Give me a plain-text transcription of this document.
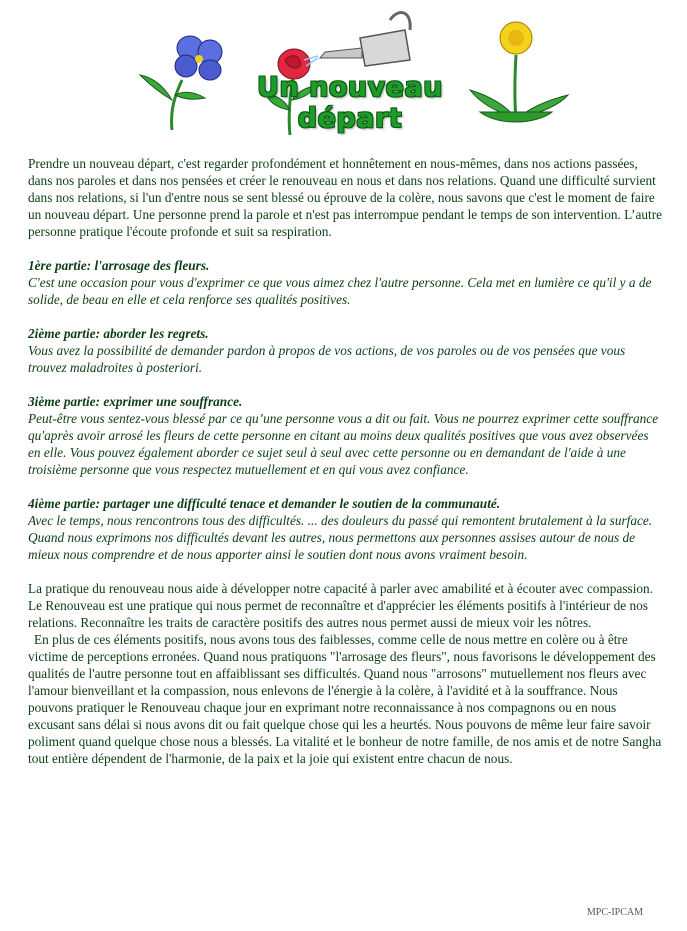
Un nouveau départ

Prendre un nouveau départ, c'est regarder profondément et honnêtement en nous-mêmes, dans nos actions passées, dans nos paroles et dans nos pensées et créer le renouveau en nous et dans nos relations. Quand une difficulté survient dans nos relations, si l'un d'entre nous se sent blessé ou éprouve de la colère, nous savons que c'est le moment de faire un nouveau départ. Une personne prend la parole et n'est pas interrompue pendant le temps de son intervention. L’autre personne pratique l'écoute profonde et suit sa respiration.

1ère partie: l'arrosage des fleurs.
C'est une occasion pour vous d'exprimer ce que vous aimez chez l'autre personne. Cela met en lumière ce qu'il y a de solide, de beau en elle et cela renforce ses qualités positives.
2ième partie: aborder les regrets.
Vous avez la possibilité de demander pardon à propos de vos actions, de vos paroles ou de vos pensées que vous trouvez maladroites à posteriori.
3ième partie: exprimer une souffrance.
Peut-être vous sentez-vous blessé par ce qu’une personne vous a dit ou fait. Vous ne pourrez exprimer cette souffrance qu'après avoir arrosé les fleurs de cette personne en citant au moins deux qualités positives que vous avez observées en elle. Vous pouvez également aborder ce sujet seul à seul avec cette personne ou en demandant de l'aide à une troisième personne que vous respectez mutuellement et en qui vous avez confiance.
4ième partie: partager une difficulté tenace et demander le soutien de la communauté.
Avec le temps, nous rencontrons tous des difficultés. ... des douleurs du passé qui remontent brutalement à la surface. Quand nous exprimons nos difficultés devant les autres, nous permettons aux personnes assises autour de nous de mieux nous comprendre et de nous apporter ainsi le soutien dont nous avons vraiment besoin.

La pratique du renouveau nous aide à développer notre capacité à parler avec amabilité et à écouter avec compassion. Le Renouveau est une pratique qui nous permet de reconnaître et d'apprécier les éléments positifs à l'intérieur de nos relations. Reconnaître les traits de caractère positifs des autres nous permet aussi de mieux voir les nôtres.

En plus de ces éléments positifs, nous avons tous des faiblesses, comme celle de nous mettre en colère ou à être victime de perceptions erronées. Quand nous pratiquons "l'arrosage des fleurs", nous favorisons le développement des qualités de l'autre personne tout en affaiblissant ses difficultés. Quand nous "arrosons" mutuellement nos fleurs avec l'amour bienveillant et la compassion, nous enlevons de l'énergie à la colère, à l'avidité et à la souffrance. Nous pouvons pratiquer le Renouveau chaque jour en exprimant notre reconnaissance à nos compagnons ou en nous excusant sans délai si nous avons dit ou fait quelque chose qui les a heurtés. Nous pouvons de même leur faire savoir poliment quand quelque chose nous a blessés. La vitalité et le bonheur de notre famille, de nos amis et de notre Sangha tout entière dépendent de l'harmonie, de la paix et la joie qui existent entre chacun de nous.

MPC-IPCAM
